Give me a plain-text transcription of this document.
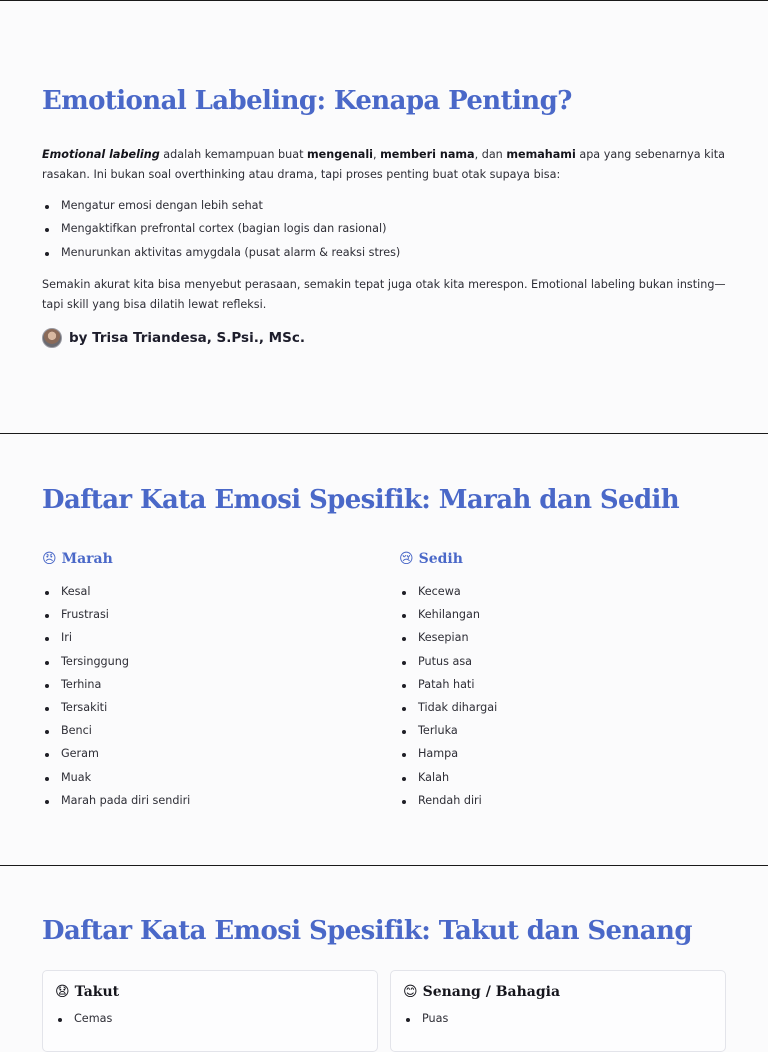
Emotional Labeling: Kenapa Penting?

Emotional labeling adalah kemampuan buat mengenali, memberi nama, dan memahami apa yang sebenarnya kita rasakan. Ini bukan soal overthinking atau drama, tapi proses penting buat otak supaya bisa:

Mengatur emosi dengan lebih sehat
Mengaktifkan prefrontal cortex (bagian logis dan rasional)
Menurunkan aktivitas amygdala (pusat alarm & reaksi stres)

Semakin akurat kita bisa menyebut perasaan, semakin tepat juga otak kita merespon. Emotional labeling bukan insting—tapi skill yang bisa dilatih lewat refleksi.

by Trisa Triandesa, S.Psi., MSc.
Daftar Kata Emosi Spesifik: Marah dan Sedih
😠 Marah
Kesal
Frustrasi
Iri
Tersinggung
Terhina
Tersakiti
Benci
Geram
Muak
Marah pada diri sendiri
😢 Sedih
Kecewa
Kehilangan
Kesepian
Putus asa
Patah hati
Tidak dihargai
Terluka
Hampa
Kalah
Rendah diri
Daftar Kata Emosi Spesifik: Takut dan Senang
😧 Takut
Cemas
😊 Senang / Bahagia
Puas
